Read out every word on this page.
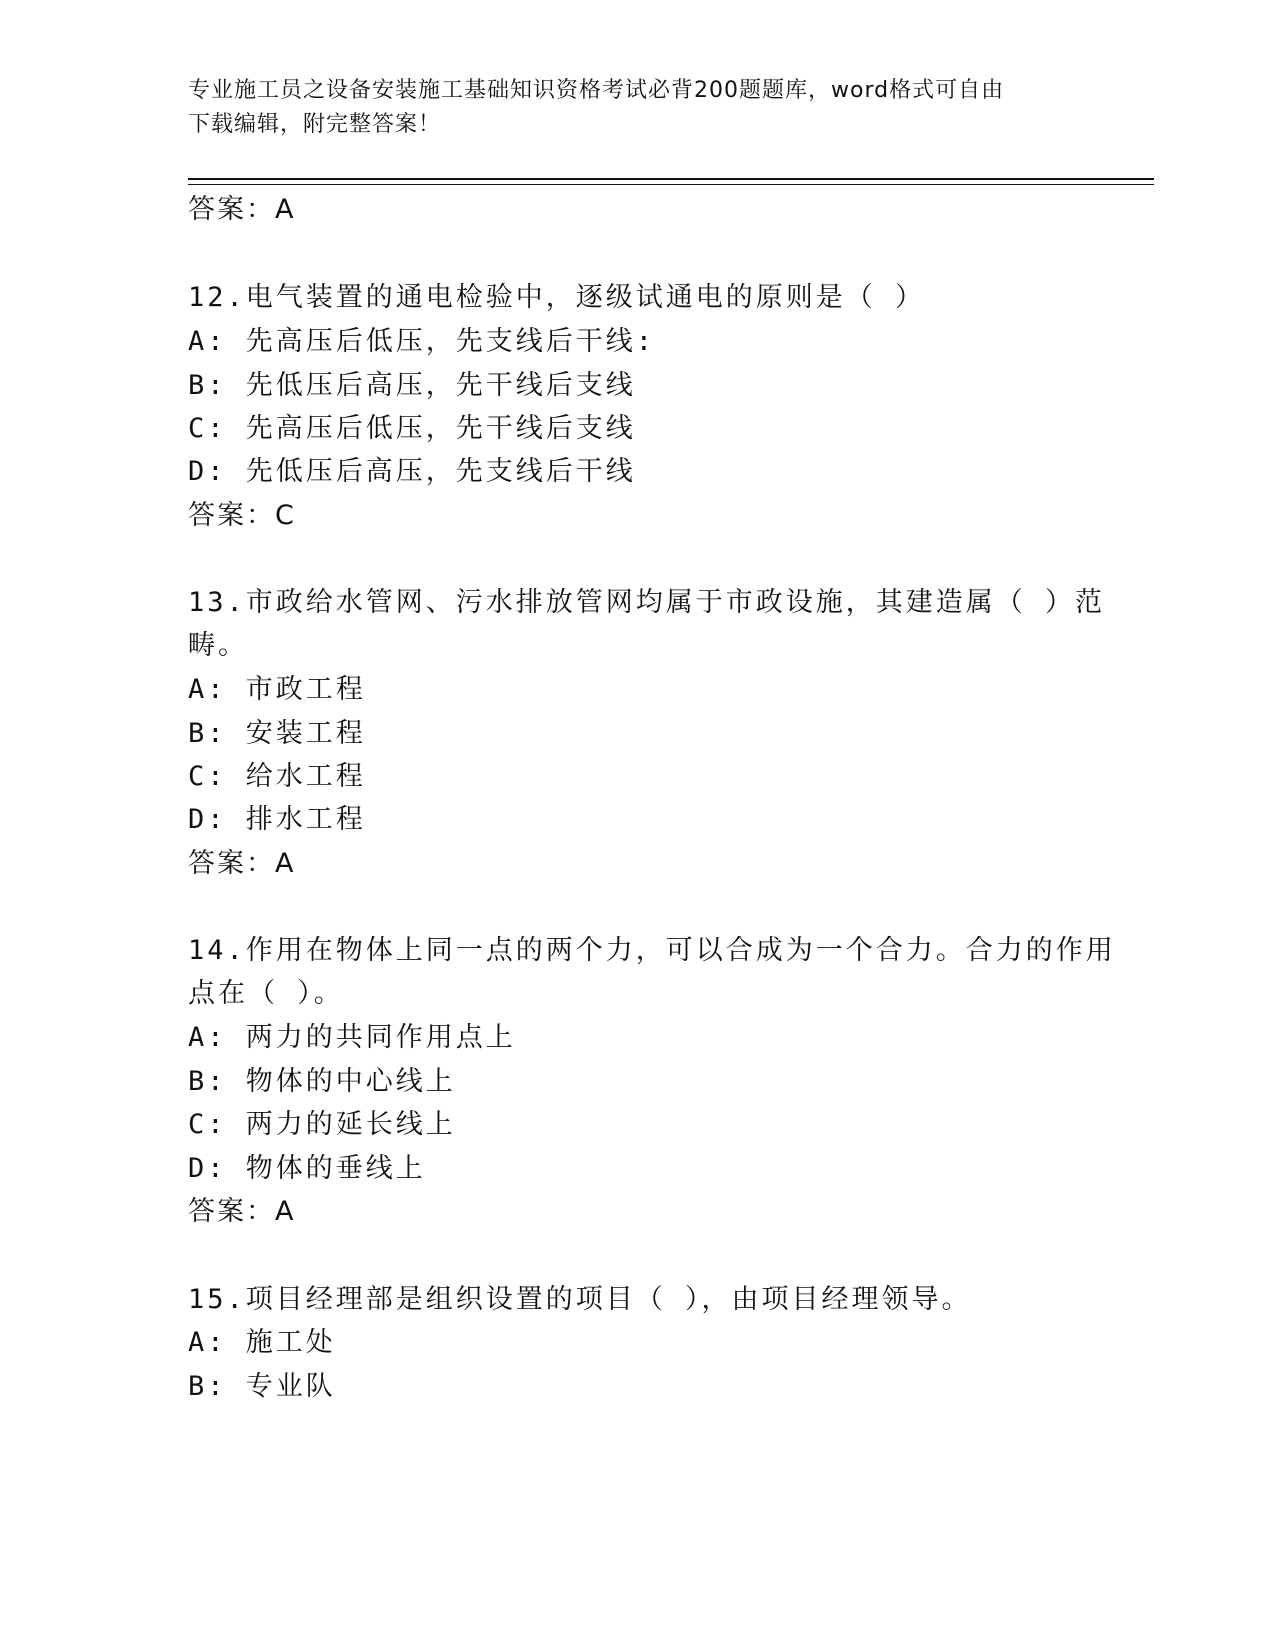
专业施工员之设备安装施工基础知识资格考试必背200题题库，word格式可自由
下载编辑，附完整答案！
答案：A
12.电气装置的通电检验中，逐级试通电的原则是（ ）
A: 先高压后低压，先支线后干线:
B: 先低压后高压，先干线后支线
C: 先高压后低压，先干线后支线
D: 先低压后高压，先支线后干线
答案：C
13.市政给水管网、污水排放管网均属于市政设施，其建造属（ ）范
畴。
A: 市政工程
B: 安装工程
C: 给水工程
D: 排水工程
答案：A
14.作用在物体上同一点的两个力，可以合成为一个合力。合力的作用
点在（ ）。
A: 两力的共同作用点上
B: 物体的中心线上
C: 两力的延长线上
D: 物体的垂线上
答案：A
15.项目经理部是组织设置的项目（ ），由项目经理领导。
A: 施工处
B: 专业队
